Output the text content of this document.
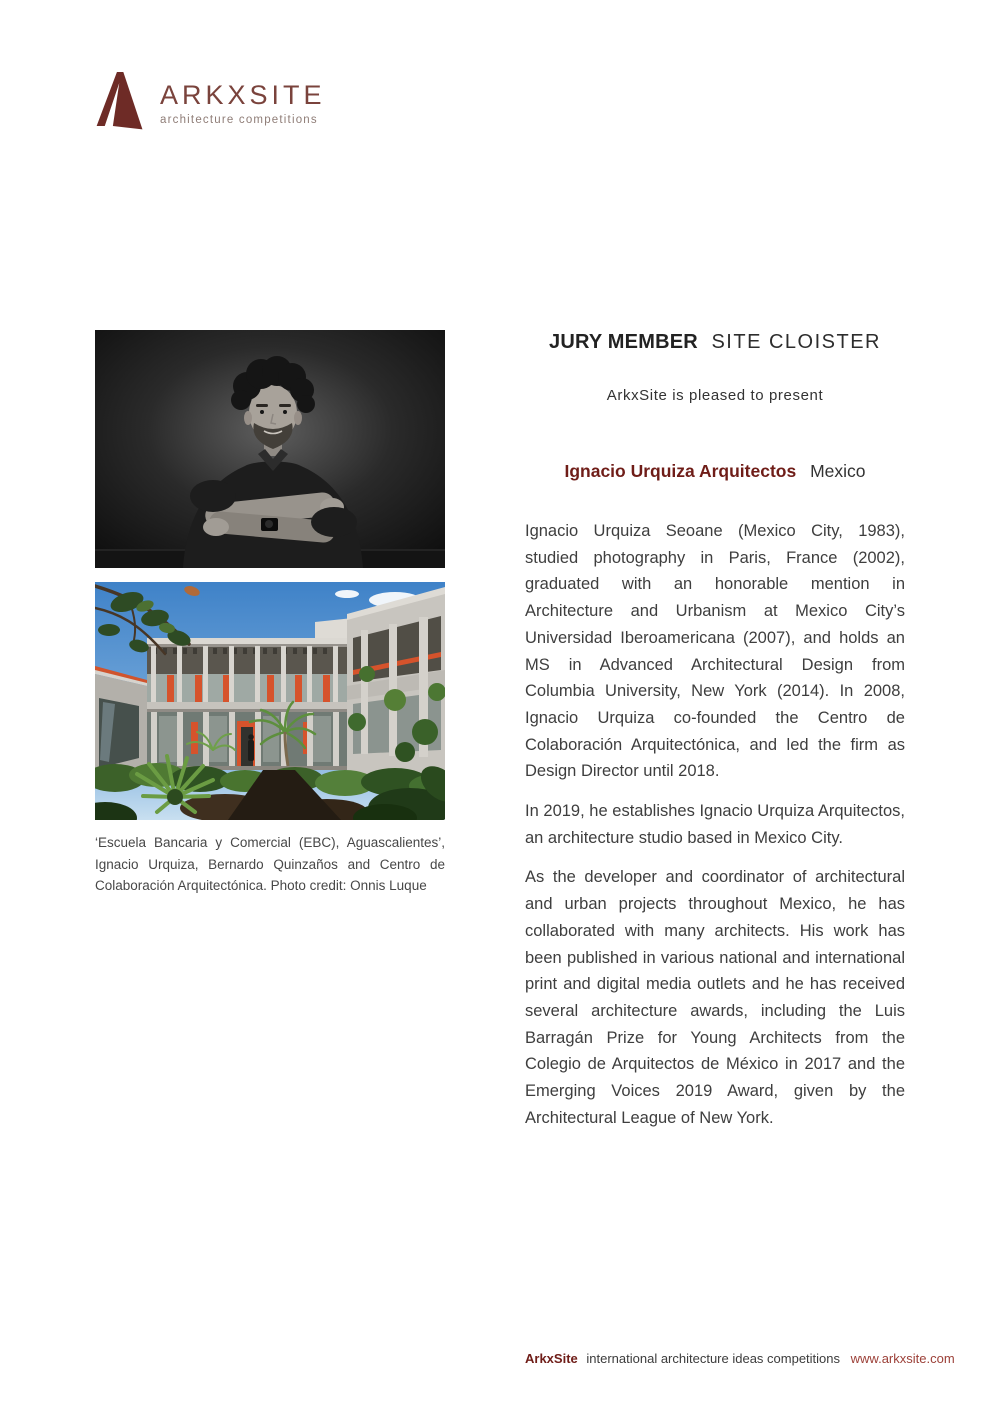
ARKXSITE
architecture competitions

‘Escuela Bancaria y Comercial (EBC), Aguascalientes’, Ignacio Urquiza, Bernardo Quinzaños and Centro de Colaboración Arquitectónica. Photo credit: Onnis Luque

JURY MEMBER SITE CLOISTER

ArkxSite is pleased to present

Ignacio Urquiza Arquitectos Mexico

Ignacio Urquiza Seoane (Mexico City, 1983), studied photography in Paris, France (2002), graduated with an honorable mention in Architecture and Urbanism at Mexico City’s Universidad Iberoamericana (2007), and holds an MS in Advanced Architectural Design from Columbia University, New York (2014). In 2008, Ignacio Urquiza co-founded the Centro de Colaboración Arquitectónica, and led the firm as Design Director until 2018.

In 2019, he establishes Ignacio Urquiza Arquitectos, an architecture studio based in Mexico City.

As the developer and coordinator of architectural and urban projects throughout Mexico, he has collaborated with many architects. His work has been published in various national and international print and digital media outlets and he has received several architecture awards, including the Luis Barragán Prize for Young Architects from the Colegio de Arquitectos de México in 2017 and the Emerging Voices 2019 Award, given by the Architectural League of New York.

ArkxSite international architecture ideas competitions www.arkxsite.com
